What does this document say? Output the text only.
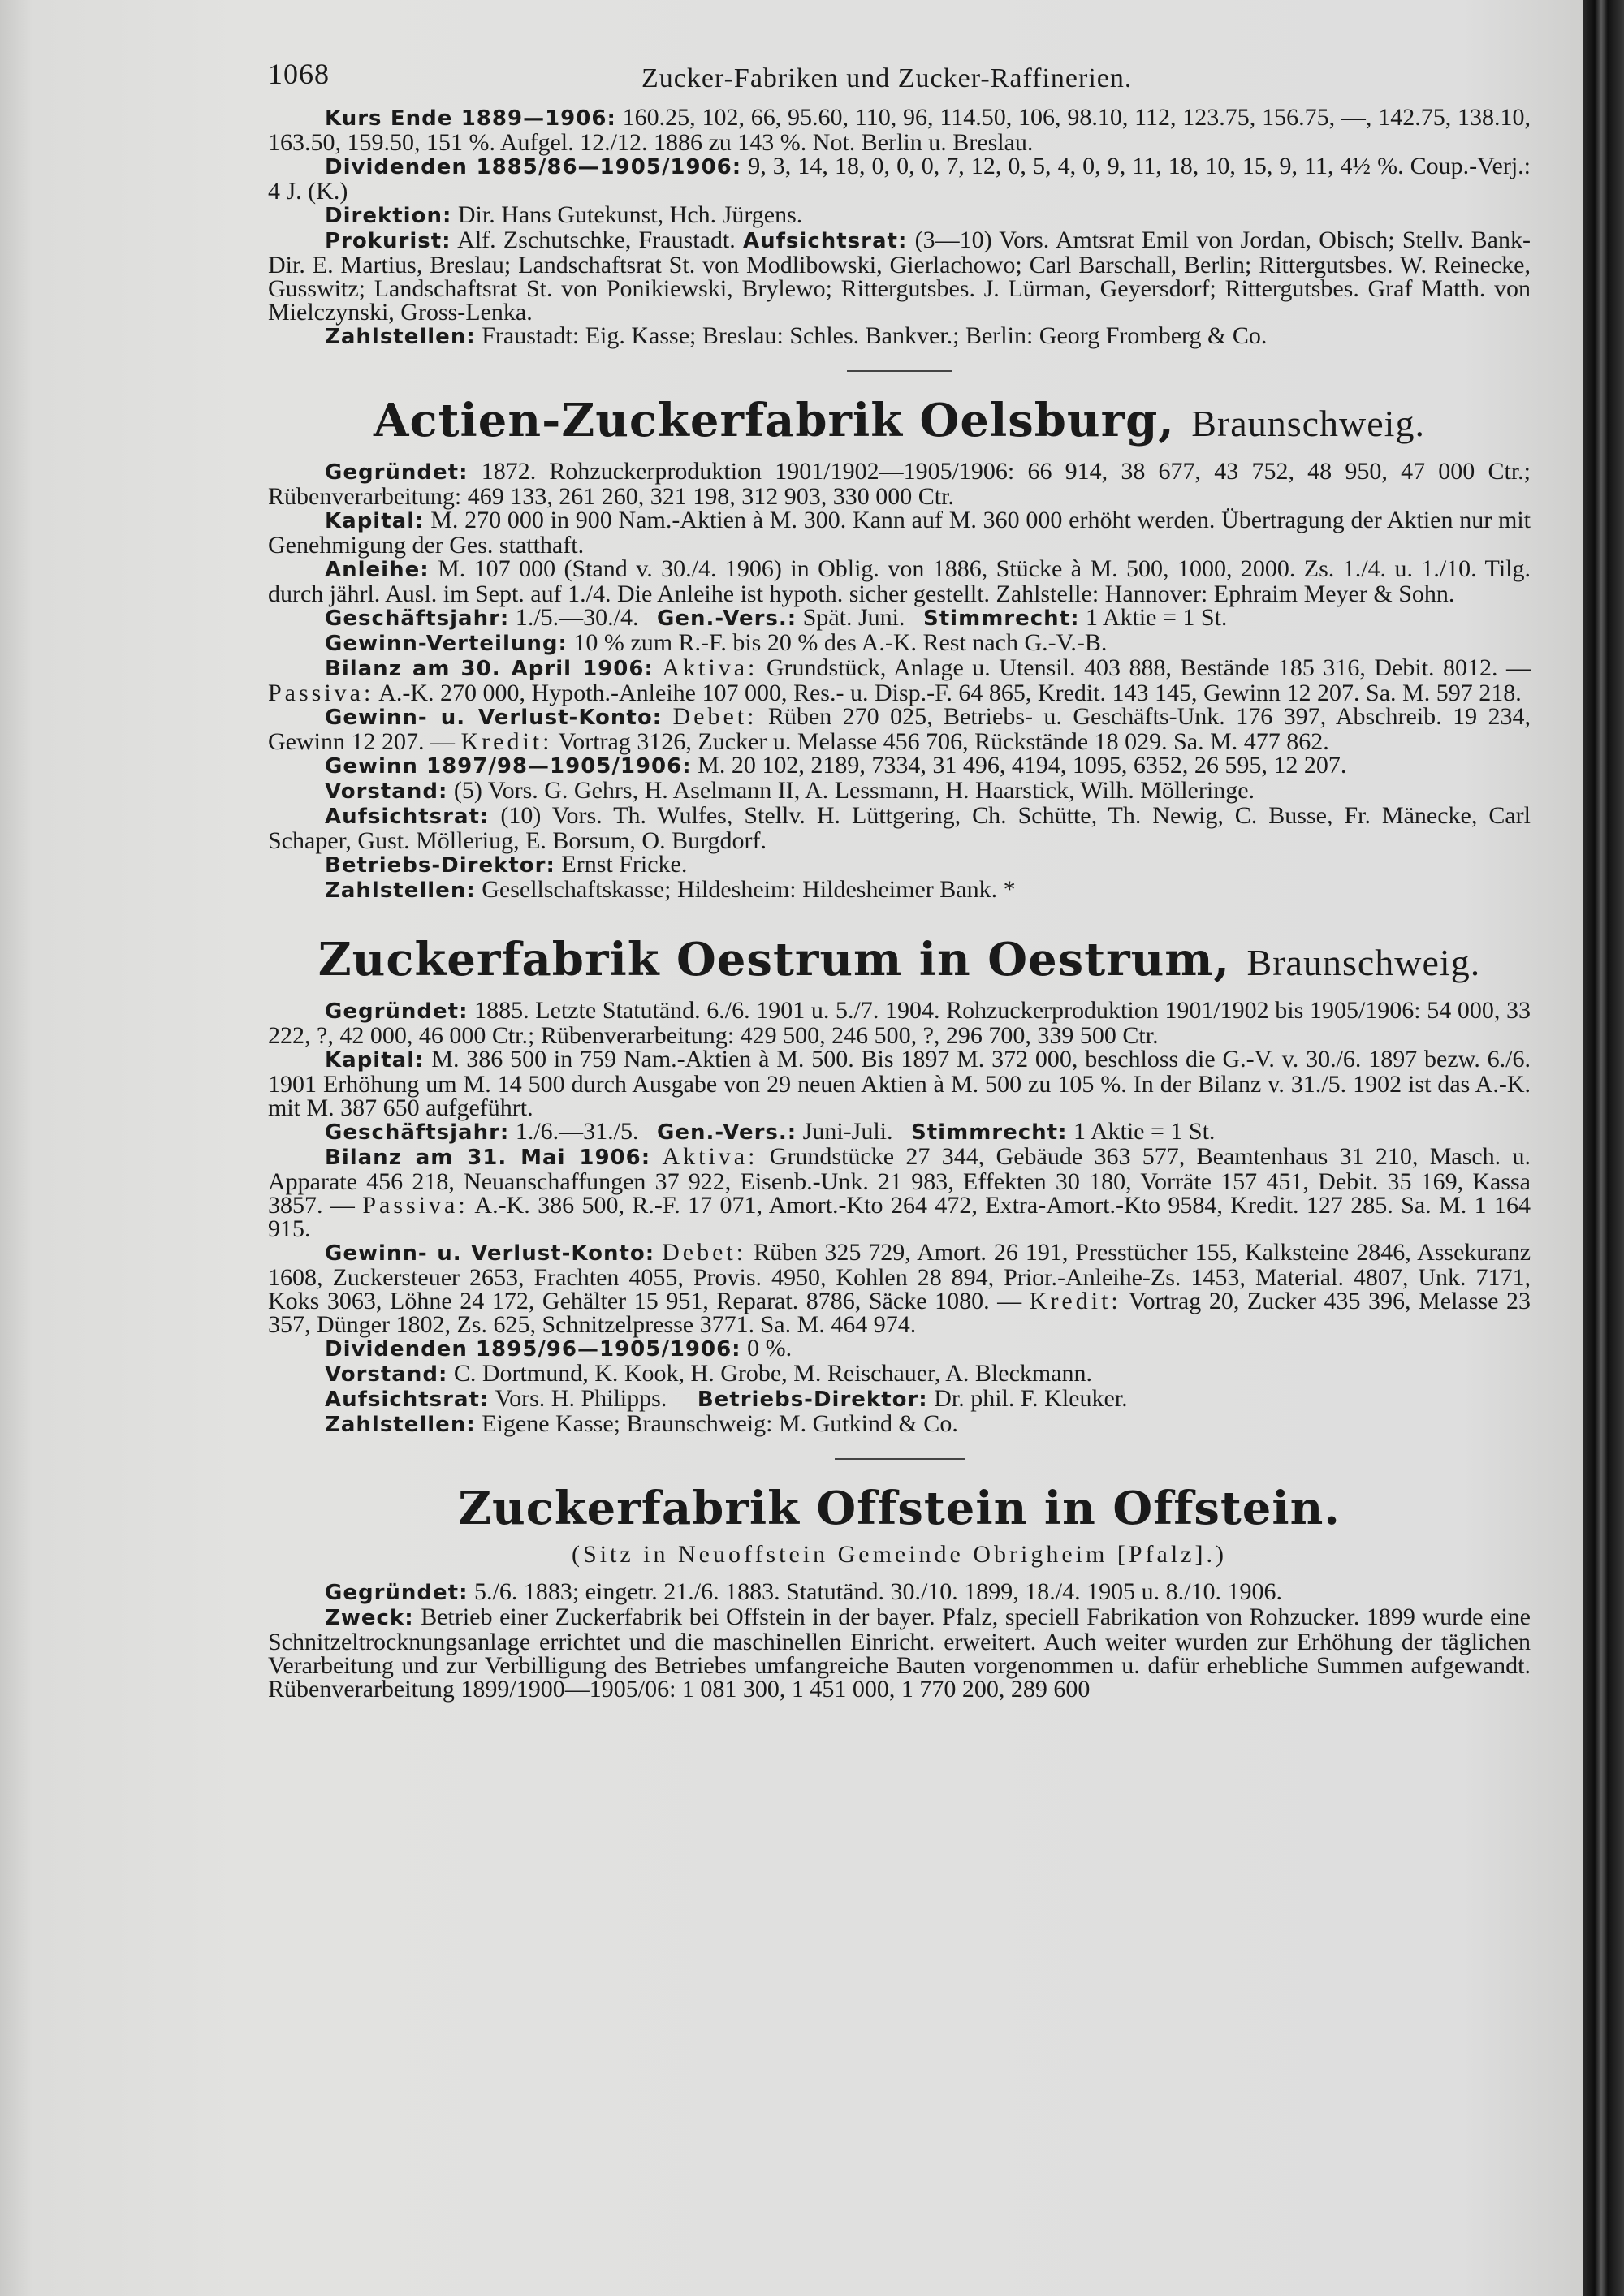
1068	Zucker-Fabriken und Zucker-Raffinerien.

Kurs Ende 1889—1906: 160.25, 102, 66, 95.60, 110, 96, 114.50, 106, 98.10, 112, 123.75, 156.75, —, 142.75, 138.10, 163.50, 159.50, 151 %. Aufgel. 12./12. 1886 zu 143 %. Not. Berlin u. Breslau.

Dividenden 1885/86—1905/1906: 9, 3, 14, 18, 0, 0, 0, 7, 12, 0, 5, 4, 0, 9, 11, 18, 10, 15, 9, 11, 4½ %. Coup.-Verj.: 4 J. (K.)

Direktion: Dir. Hans Gutekunst, Hch. Jürgens.

Prokurist: Alf. Zschutschke, Fraustadt. Aufsichtsrat: (3—10) Vors. Amtsrat Emil von Jordan, Obisch; Stellv. Bank-Dir. E. Martius, Breslau; Landschaftsrat St. von Modlibowski, Gierlachowo; Carl Barschall, Berlin; Rittergutsbes. W. Reinecke, Gusswitz; Landschaftsrat St. von Ponikiewski, Brylewo; Rittergutsbes. J. Lürman, Geyersdorf; Rittergutsbes. Graf Matth. von Mielczynski, Gross-Lenka.

Zahlstellen: Fraustadt: Eig. Kasse; Breslau: Schles. Bankver.; Berlin: Georg Fromberg & Co.

Actien-Zuckerfabrik Oelsburg, Braunschweig.

Gegründet: 1872. Rohzuckerproduktion 1901/1902—1905/1906: 66 914, 38 677, 43 752, 48 950, 47 000 Ctr.; Rübenverarbeitung: 469 133, 261 260, 321 198, 312 903, 330 000 Ctr.

Kapital: M. 270 000 in 900 Nam.-Aktien à M. 300. Kann auf M. 360 000 erhöht werden. Übertragung der Aktien nur mit Genehmigung der Ges. statthaft.

Anleihe: M. 107 000 (Stand v. 30./4. 1906) in Oblig. von 1886, Stücke à M. 500, 1000, 2000. Zs. 1./4. u. 1./10. Tilg. durch jährl. Ausl. im Sept. auf 1./4. Die Anleihe ist hypoth. sicher gestellt. Zahlstelle: Hannover: Ephraim Meyer & Sohn.

Geschäftsjahr: 1./5.—30./4. Gen.-Vers.: Spät. Juni. Stimmrecht: 1 Aktie = 1 St.

Gewinn-Verteilung: 10 % zum R.-F. bis 20 % des A.-K. Rest nach G.-V.-B.

Bilanz am 30. April 1906: Aktiva: Grundstück, Anlage u. Utensil. 403 888, Bestände 185 316, Debit. 8012. — Passiva: A.-K. 270 000, Hypoth.-Anleihe 107 000, Res.- u. Disp.-F. 64 865, Kredit. 143 145, Gewinn 12 207. Sa. M. 597 218.

Gewinn- u. Verlust-Konto: Debet: Rüben 270 025, Betriebs- u. Geschäfts-Unk. 176 397, Abschreib. 19 234, Gewinn 12 207. — Kredit: Vortrag 3126, Zucker u. Melasse 456 706, Rückstände 18 029. Sa. M. 477 862.

Gewinn 1897/98—1905/1906: M. 20 102, 2189, 7334, 31 496, 4194, 1095, 6352, 26 595, 12 207.

Vorstand: (5) Vors. G. Gehrs, H. Aselmann II, A. Lessmann, H. Haarstick, Wilh. Mölleringe.

Aufsichtsrat: (10) Vors. Th. Wulfes, Stellv. H. Lüttgering, Ch. Schütte, Th. Newig, C. Busse, Fr. Mänecke, Carl Schaper, Gust. Mölleriug, E. Borsum, O. Burgdorf.

Betriebs-Direktor: Ernst Fricke.

Zahlstellen: Gesellschaftskasse; Hildesheim: Hildesheimer Bank. *

Zuckerfabrik Oestrum in Oestrum, Braunschweig.

Gegründet: 1885. Letzte Statutänd. 6./6. 1901 u. 5./7. 1904. Rohzuckerproduktion 1901/1902 bis 1905/1906: 54 000, 33 222, ?, 42 000, 46 000 Ctr.; Rübenverarbeitung: 429 500, 246 500, ?, 296 700, 339 500 Ctr.

Kapital: M. 386 500 in 759 Nam.-Aktien à M. 500. Bis 1897 M. 372 000, beschloss die G.-V. v. 30./6. 1897 bezw. 6./6. 1901 Erhöhung um M. 14 500 durch Ausgabe von 29 neuen Aktien à M. 500 zu 105 %. In der Bilanz v. 31./5. 1902 ist das A.-K. mit M. 387 650 aufgeführt.

Geschäftsjahr: 1./6.—31./5. Gen.-Vers.: Juni-Juli. Stimmrecht: 1 Aktie = 1 St.

Bilanz am 31. Mai 1906: Aktiva: Grundstücke 27 344, Gebäude 363 577, Beamtenhaus 31 210, Masch. u. Apparate 456 218, Neuanschaffungen 37 922, Eisenb.-Unk. 21 983, Effekten 30 180, Vorräte 157 451, Debit. 35 169, Kassa 3857. — Passiva: A.-K. 386 500, R.-F. 17 071, Amort.-Kto 264 472, Extra-Amort.-Kto 9584, Kredit. 127 285. Sa. M. 1 164 915.

Gewinn- u. Verlust-Konto: Debet: Rüben 325 729, Amort. 26 191, Presstücher 155, Kalksteine 2846, Assekuranz 1608, Zuckersteuer 2653, Frachten 4055, Provis. 4950, Kohlen 28 894, Prior.-Anleihe-Zs. 1453, Material. 4807, Unk. 7171, Koks 3063, Löhne 24 172, Gehälter 15 951, Reparat. 8786, Säcke 1080. — Kredit: Vortrag 20, Zucker 435 396, Melasse 23 357, Dünger 1802, Zs. 625, Schnitzelpresse 3771. Sa. M. 464 974.

Dividenden 1895/96—1905/1906: 0 %.

Vorstand: C. Dortmund, K. Kook, H. Grobe, M. Reischauer, A. Bleckmann.

Aufsichtsrat: Vors. H. Philipps. Betriebs-Direktor: Dr. phil. F. Kleuker.

Zahlstellen: Eigene Kasse; Braunschweig: M. Gutkind & Co.

Zuckerfabrik Offstein in Offstein.
(Sitz in Neuoffstein Gemeinde Obrigheim [Pfalz].)

Gegründet: 5./6. 1883; eingetr. 21./6. 1883. Statutänd. 30./10. 1899, 18./4. 1905 u. 8./10. 1906.

Zweck: Betrieb einer Zuckerfabrik bei Offstein in der bayer. Pfalz, speciell Fabrikation von Rohzucker. 1899 wurde eine Schnitzeltrocknungsanlage errichtet und die maschinellen Einricht. erweitert. Auch weiter wurden zur Erhöhung der täglichen Verarbeitung und zur Verbilligung des Betriebes umfangreiche Bauten vorgenommen u. dafür erhebliche Summen aufgewandt. Rübenverarbeitung 1899/1900—1905/06: 1 081 300, 1 451 000, 1 770 200, 289 600
